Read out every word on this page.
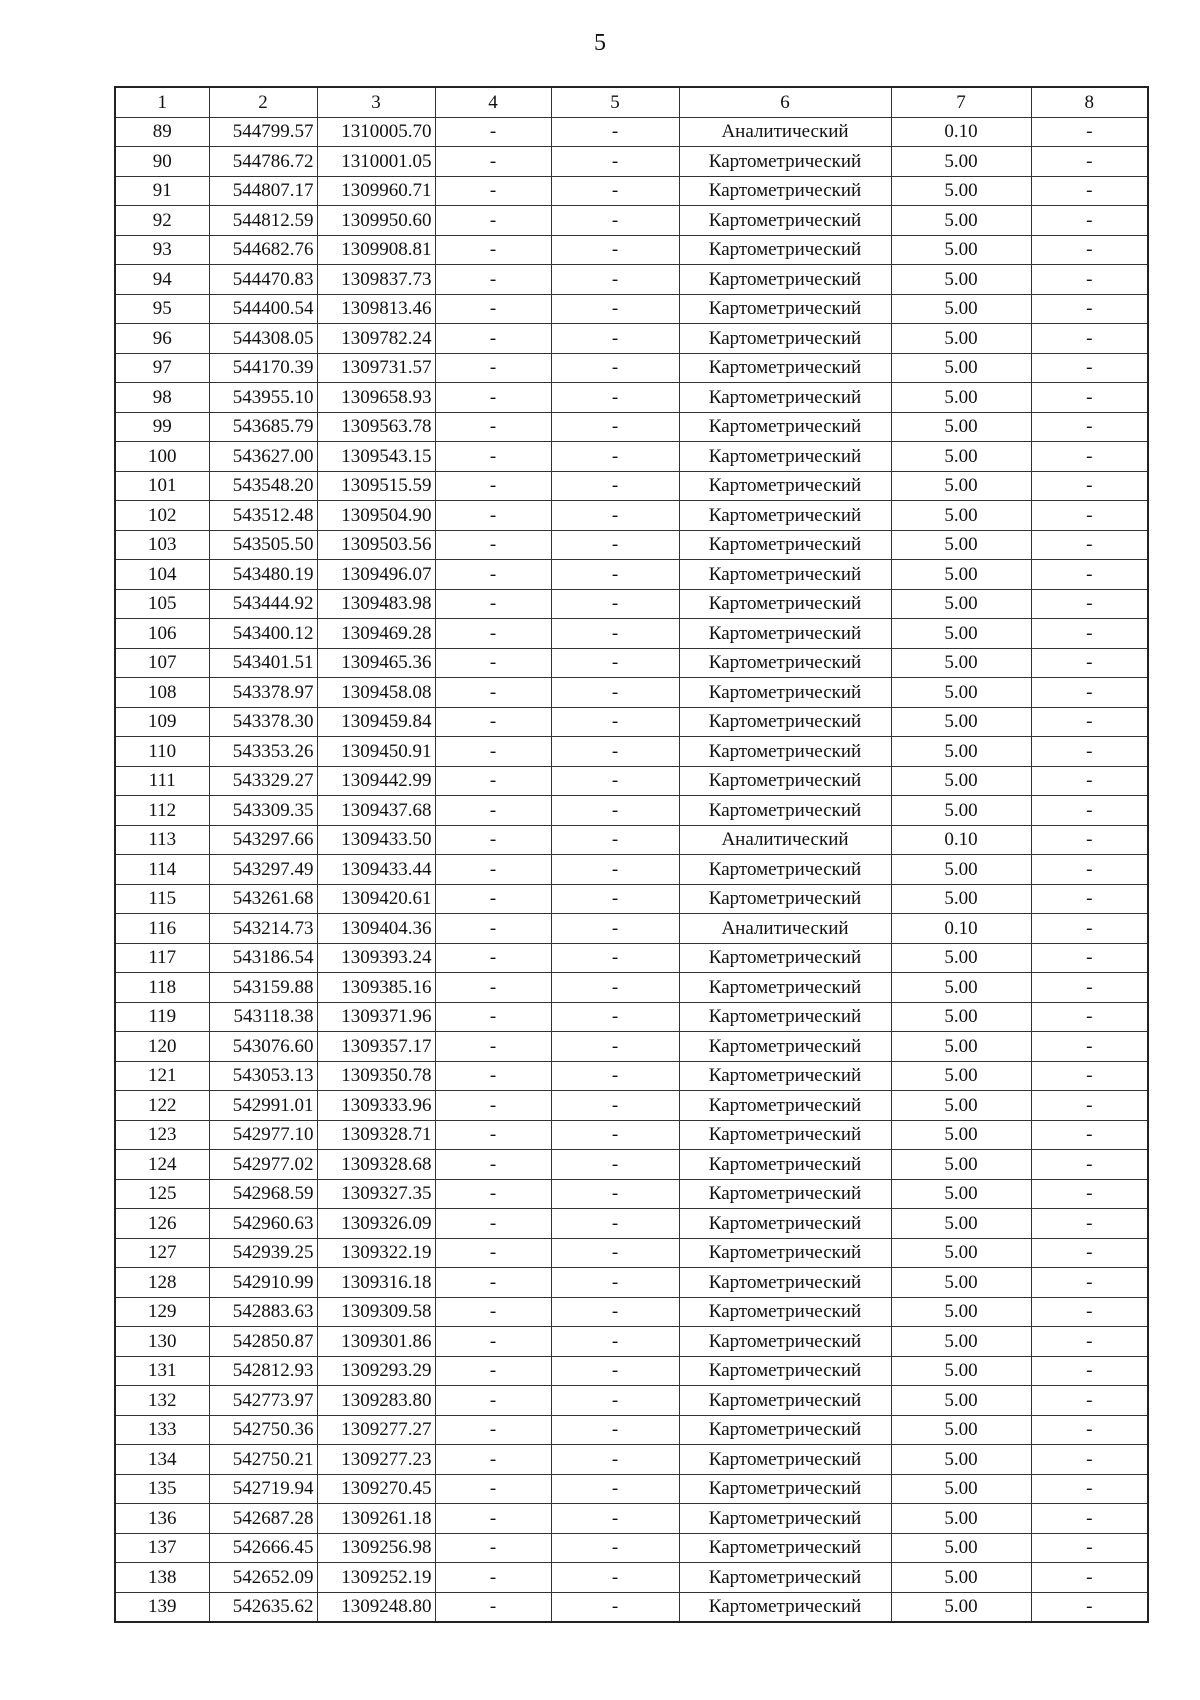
5
1	2	3	4	5	6	7	8
89	544799.57	1310005.70	-	-	Аналитический	0.10	-
90	544786.72	1310001.05	-	-	Картометрический	5.00	-
91	544807.17	1309960.71	-	-	Картометрический	5.00	-
92	544812.59	1309950.60	-	-	Картометрический	5.00	-
93	544682.76	1309908.81	-	-	Картометрический	5.00	-
94	544470.83	1309837.73	-	-	Картометрический	5.00	-
95	544400.54	1309813.46	-	-	Картометрический	5.00	-
96	544308.05	1309782.24	-	-	Картометрический	5.00	-
97	544170.39	1309731.57	-	-	Картометрический	5.00	-
98	543955.10	1309658.93	-	-	Картометрический	5.00	-
99	543685.79	1309563.78	-	-	Картометрический	5.00	-
100	543627.00	1309543.15	-	-	Картометрический	5.00	-
101	543548.20	1309515.59	-	-	Картометрический	5.00	-
102	543512.48	1309504.90	-	-	Картометрический	5.00	-
103	543505.50	1309503.56	-	-	Картометрический	5.00	-
104	543480.19	1309496.07	-	-	Картометрический	5.00	-
105	543444.92	1309483.98	-	-	Картометрический	5.00	-
106	543400.12	1309469.28	-	-	Картометрический	5.00	-
107	543401.51	1309465.36	-	-	Картометрический	5.00	-
108	543378.97	1309458.08	-	-	Картометрический	5.00	-
109	543378.30	1309459.84	-	-	Картометрический	5.00	-
110	543353.26	1309450.91	-	-	Картометрический	5.00	-
111	543329.27	1309442.99	-	-	Картометрический	5.00	-
112	543309.35	1309437.68	-	-	Картометрический	5.00	-
113	543297.66	1309433.50	-	-	Аналитический	0.10	-
114	543297.49	1309433.44	-	-	Картометрический	5.00	-
115	543261.68	1309420.61	-	-	Картометрический	5.00	-
116	543214.73	1309404.36	-	-	Аналитический	0.10	-
117	543186.54	1309393.24	-	-	Картометрический	5.00	-
118	543159.88	1309385.16	-	-	Картометрический	5.00	-
119	543118.38	1309371.96	-	-	Картометрический	5.00	-
120	543076.60	1309357.17	-	-	Картометрический	5.00	-
121	543053.13	1309350.78	-	-	Картометрический	5.00	-
122	542991.01	1309333.96	-	-	Картометрический	5.00	-
123	542977.10	1309328.71	-	-	Картометрический	5.00	-
124	542977.02	1309328.68	-	-	Картометрический	5.00	-
125	542968.59	1309327.35	-	-	Картометрический	5.00	-
126	542960.63	1309326.09	-	-	Картометрический	5.00	-
127	542939.25	1309322.19	-	-	Картометрический	5.00	-
128	542910.99	1309316.18	-	-	Картометрический	5.00	-
129	542883.63	1309309.58	-	-	Картометрический	5.00	-
130	542850.87	1309301.86	-	-	Картометрический	5.00	-
131	542812.93	1309293.29	-	-	Картометрический	5.00	-
132	542773.97	1309283.80	-	-	Картометрический	5.00	-
133	542750.36	1309277.27	-	-	Картометрический	5.00	-
134	542750.21	1309277.23	-	-	Картометрический	5.00	-
135	542719.94	1309270.45	-	-	Картометрический	5.00	-
136	542687.28	1309261.18	-	-	Картометрический	5.00	-
137	542666.45	1309256.98	-	-	Картометрический	5.00	-
138	542652.09	1309252.19	-	-	Картометрический	5.00	-
139	542635.62	1309248.80	-	-	Картометрический	5.00	-
